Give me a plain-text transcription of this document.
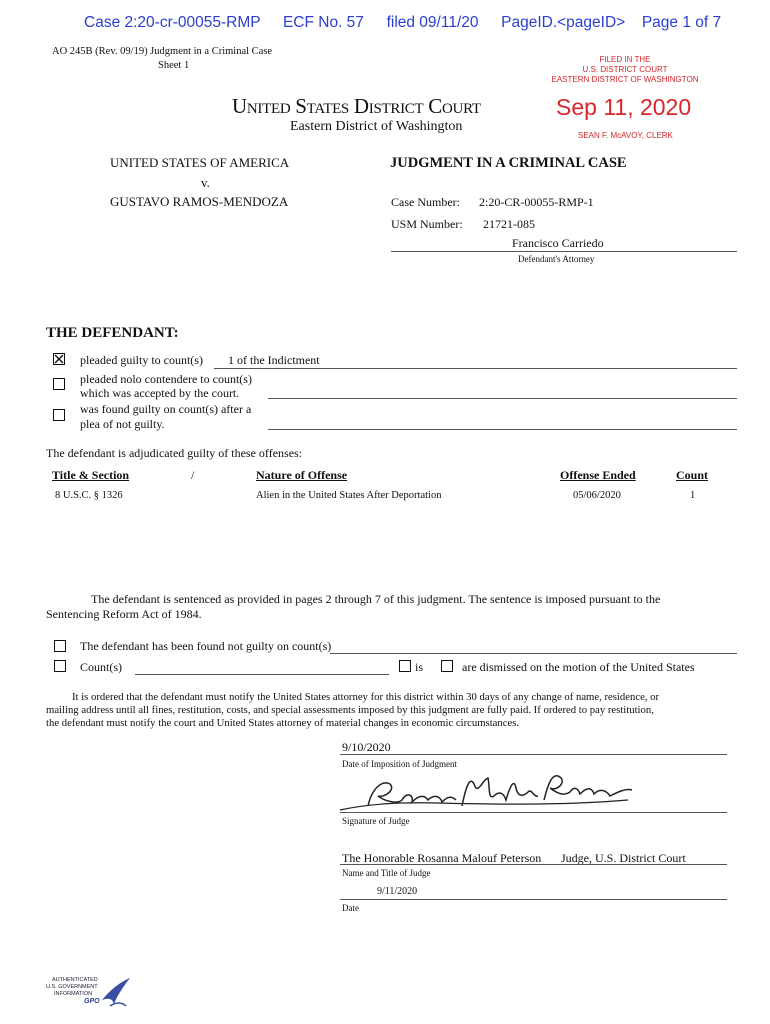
Case 2:20-cr-00055-RMP ECF No. 57 filed 09/11/20 PageID.<pageID> Page 1 of 7
AO 245B (Rev. 09/19) Judgment in a Criminal Case
Sheet 1
FILED IN THE
U.S. DISTRICT COURT
EASTERN DISTRICT OF WASHINGTON
Sep 11, 2020
SEAN F. McAVOY, CLERK
United States District Court
Eastern District of Washington
UNITED STATES OF AMERICA
v.
GUSTAVO RAMOS-MENDOZA
JUDGMENT IN A CRIMINAL CASE
Case Number: 2:20-CR-00055-RMP-1
USM Number: 21721-085
Francisco Carriedo
Defendant's Attorney
THE DEFENDANT:
pleaded guilty to count(s) 1 of the Indictment
pleaded nolo contendere to count(s)
which was accepted by the court.
was found guilty on count(s) after a
plea of not guilty.
The defendant is adjudicated guilty of these offenses:
Title & Section	/	Nature of Offense	Offense Ended	Count
8 U.S.C. § 1326	Alien in the United States After Deportation	05/06/2020	1
The defendant is sentenced as provided in pages 2 through 7 of this judgment. The sentence is imposed pursuant to the
Sentencing Reform Act of 1984.
The defendant has been found not guilty on count(s)
Count(s)	is	are dismissed on the motion of the United States
It is ordered that the defendant must notify the United States attorney for this district within 30 days of any change of name, residence, or
mailing address until all fines, restitution, costs, and special assessments imposed by this judgment are fully paid. If ordered to pay restitution,
the defendant must notify the court and United States attorney of material changes in economic circumstances.
9/10/2020
Date of Imposition of Judgment
Signature of Judge
The Honorable Rosanna Malouf Peterson Judge, U.S. District Court
Name and Title of Judge
9/11/2020
Date
AUTHENTICATED
U.S. GOVERNMENT
INFORMATION
GPO
